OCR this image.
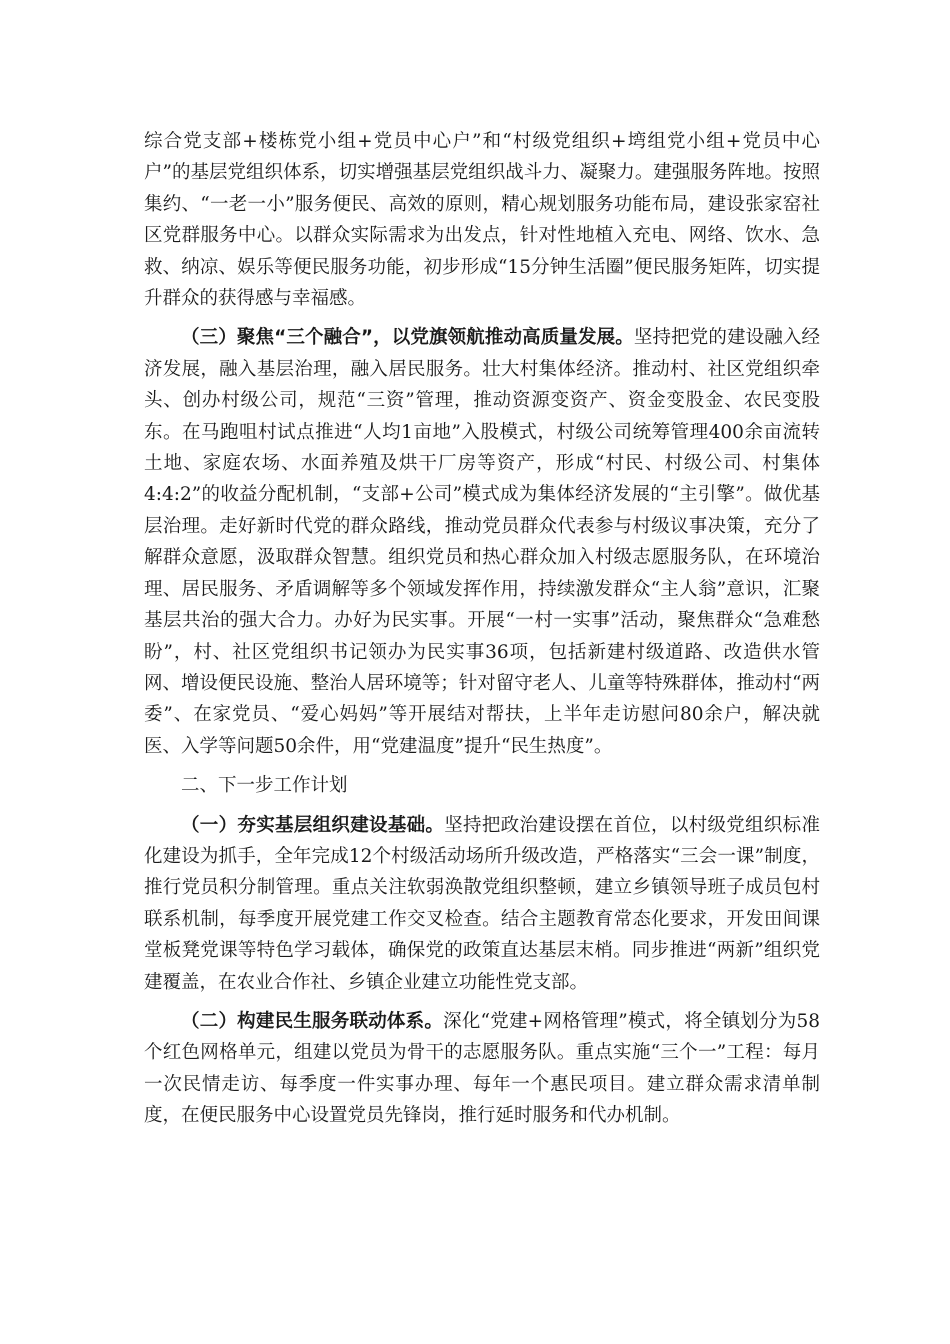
综合党支部+楼栋党小组+党员中心户”和“村级党组织+塆组党小组+党员中心户”的基层党组织体系，切实增强基层党组织战斗力、凝聚力。建强服务阵地。按照集约、“一老一小”服务便民、高效的原则，精心规划服务功能布局，建设张家窑社区党群服务中心。以群众实际需求为出发点，针对性地植入充电、网络、饮水、急救、纳凉、娱乐等便民服务功能，初步形成“15分钟生活圈”便民服务矩阵，切实提升群众的获得感与幸福感。

（三）聚焦“三个融合”，以党旗领航推动高质量发展。坚持把党的建设融入经济发展，融入基层治理，融入居民服务。壮大村集体经济。推动村、社区党组织牵头、创办村级公司，规范“三资”管理，推动资源变资产、资金变股金、农民变股东。在马跑咀村试点推进“人均1亩地”入股模式，村级公司统筹管理400余亩流转土地、家庭农场、水面养殖及烘干厂房等资产，形成“村民、村级公司、村集体4:4:2”的收益分配机制，“支部+公司”模式成为集体经济发展的“主引擎”。做优基层治理。走好新时代党的群众路线，推动党员群众代表参与村级议事决策，充分了解群众意愿，汲取群众智慧。组织党员和热心群众加入村级志愿服务队，在环境治理、居民服务、矛盾调解等多个领域发挥作用，持续激发群众“主人翁”意识，汇聚基层共治的强大合力。办好为民实事。开展“一村一实事”活动，聚焦群众“急难愁盼”，村、社区党组织书记领办为民实事36项，包括新建村级道路、改造供水管网、增设便民设施、整治人居环境等；针对留守老人、儿童等特殊群体，推动村“两委”、在家党员、“爱心妈妈”等开展结对帮扶，上半年走访慰问80余户，解决就医、入学等问题50余件，用“党建温度”提升“民生热度”。

二、下一步工作计划

（一）夯实基层组织建设基础。坚持把政治建设摆在首位，以村级党组织标准化建设为抓手，全年完成12个村级活动场所升级改造，严格落实“三会一课”制度，推行党员积分制管理。重点关注软弱涣散党组织整顿，建立乡镇领导班子成员包村联系机制，每季度开展党建工作交叉检查。结合主题教育常态化要求，开发田间课堂板凳党课等特色学习载体，确保党的政策直达基层末梢。同步推进“两新”组织党建覆盖，在农业合作社、乡镇企业建立功能性党支部。

（二）构建民生服务联动体系。深化“党建+网格管理”模式，将全镇划分为58个红色网格单元，组建以党员为骨干的志愿服务队。重点实施“三个一”工程：每月一次民情走访、每季度一件实事办理、每年一个惠民项目。建立群众需求清单制度，在便民服务中心设置党员先锋岗，推行延时服务和代办机制。
